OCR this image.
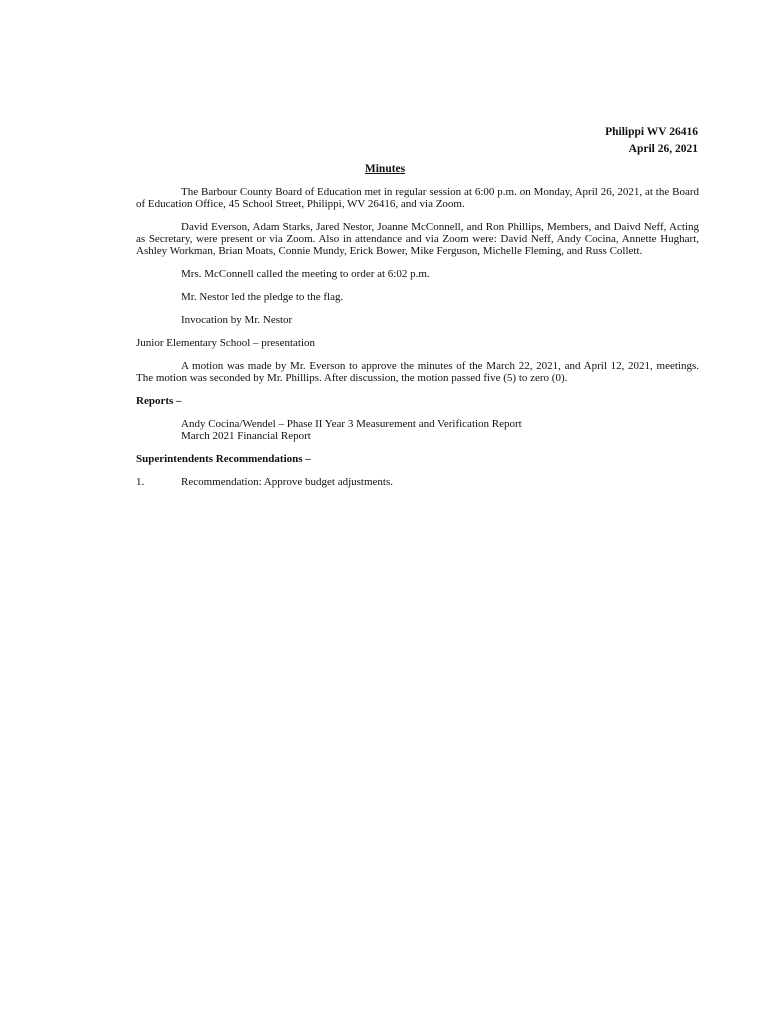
Philippi WV 26416
April 26, 2021
Minutes

The Barbour County Board of Education met in regular session at 6:00 p.m. on Monday, April 26, 2021, at the Board of Education Office, 45 School Street, Philippi, WV 26416, and via Zoom.

David Everson, Adam Starks, Jared Nestor, Joanne McConnell, and Ron Phillips, Members, and Daivd Neff, Acting as Secretary, were present or via Zoom. Also in attendance and via Zoom were: David Neff, Andy Cocina, Annette Hughart, Ashley Workman, Brian Moats, Connie Mundy, Erick Bower, Mike Ferguson, Michelle Fleming, and Russ Collett.

Mrs. McConnell called the meeting to order at 6:02 p.m.

Mr. Nestor led the pledge to the flag.

Invocation by Mr. Nestor

Junior Elementary School – presentation

A motion was made by Mr. Everson to approve the minutes of the March 22, 2021, and April 12, 2021, meetings. The motion was seconded by Mr. Phillips. After discussion, the motion passed five (5) to zero (0).

Reports –

Andy Cocina/Wendel – Phase II Year 3 Measurement and Verification Report
March 2021 Financial Report

Superintendents Recommendations –

1.	Recommendation: Approve budget adjustments.
